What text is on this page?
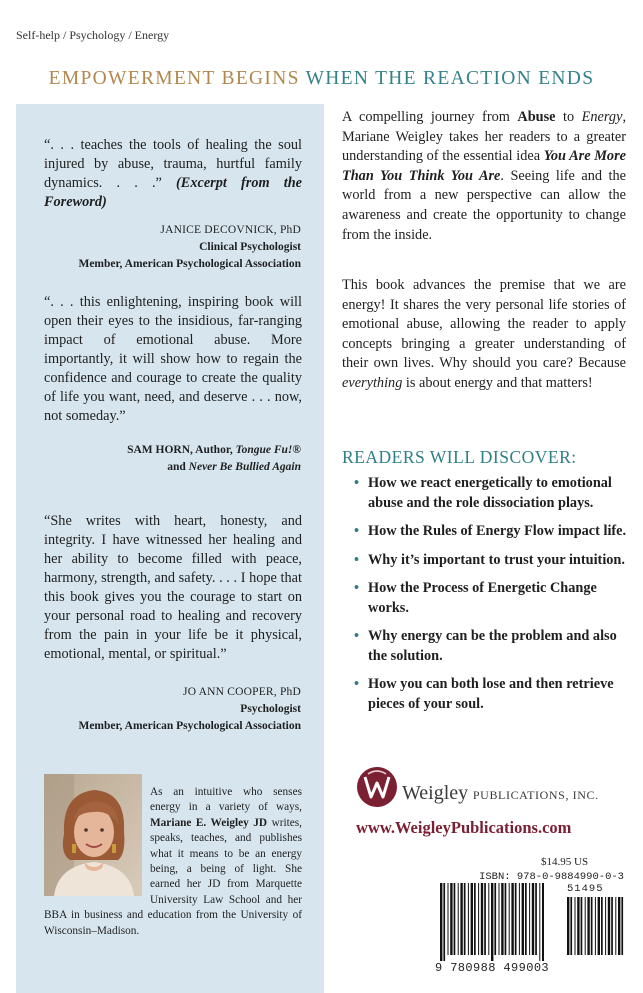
Self-help / Psychology / Energy
EMPOWERMENT BEGINS WHEN THE REACTION ENDS
“. . . teaches the tools of healing the soul injured by abuse, trauma, hurtful family dynamics. . . .” (Excerpt from the Foreword)
JANICE DECOVNICK, PhD
Clinical Psychologist
Member, American Psychological Association
“. . . this enlightening, inspiring book will open their eyes to the insidious, far-ranging impact of emotional abuse. More importantly, it will show how to regain the confidence and courage to create the quality of life you want, need, and deserve . . . now, not someday.”
SAM HORN, Author, Tongue Fu!®
and Never Be Bullied Again
“She writes with heart, honesty, and integrity. I have witnessed her healing and her ability to become filled with peace, harmony, strength, and safety. . . . I hope that this book gives you the courage to start on your personal road to healing and recovery from the pain in your life be it physical, emotional, mental, or spiritual.”
JO ANN COOPER, PhD
Psychologist
Member, American Psychological Association
As an intuitive who senses energy in a variety of ways, Mariane E. Weigley JD writes, speaks, teaches, and publishes what it means to be an energy being, a being of light. She earned her JD from Marquette University Law School and her BBA in business and education from the University of Wisconsin–Madison.
A compelling journey from Abuse to Energy, Mariane Weigley takes her readers to a greater understanding of the essential idea You Are More Than You Think You Are. Seeing life and the world from a new perspective can allow the awareness and create the opportunity to change from the inside.
This book advances the premise that we are energy! It shares the very personal life stories of emotional abuse, allowing the reader to apply concepts bringing a greater understanding of their own lives. Why should you care? Because everything is about energy and that matters!
READERS WILL DISCOVER:
• How we react energetically to emotional abuse and the role dissociation plays.
• How the Rules of Energy Flow impact life.
• Why it’s important to trust your intuition.
• How the Process of Energetic Change works.
• Why energy can be the problem and also the solution.
• How you can both lose and then retrieve pieces of your soul.
Weigley PUBLICATIONS, INC.
www.WeigleyPublications.com
$14.95 US
ISBN: 978-0-9884990-0-3
51495
9 780988 499003
